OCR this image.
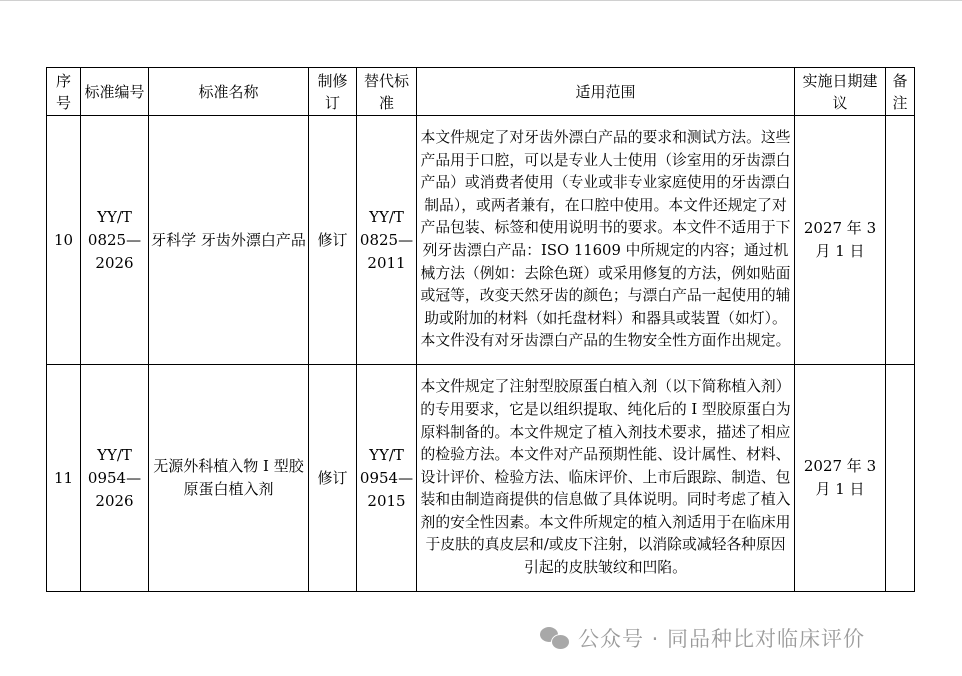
序号	标准编号	标准名称	制修订	替代标准	适用范围	实施日期建议	备注
10	YY/T 0825—2026	牙科学 牙齿外漂白产品	修订	YY/T 0825—2011	本文件规定了对牙齿外漂白产品的要求和测试方法。这些产品用于口腔，可以是专业人士使用（诊室用的牙齿漂白产品）或消费者使用（专业或非专业家庭使用的牙齿漂白制品），或两者兼有，在口腔中使用。本文件还规定了对产品包装、标签和使用说明书的要求。本文件不适用于下列牙齿漂白产品：ISO 11609 中所规定的内容；通过机械方法（例如：去除色斑）或采用修复的方法，例如贴面或冠等，改变天然牙齿的颜色；与漂白产品一起使用的辅助或附加的材料（如托盘材料）和器具或装置（如灯）。本文件没有对牙齿漂白产品的生物安全性方面作出规定。	2027 年 3 月 1 日	
11	YY/T 0954—2026	无源外科植入物 I 型胶原蛋白植入剂	修订	YY/T 0954—2015	本文件规定了注射型胶原蛋白植入剂（以下简称植入剂）的专用要求，它是以组织提取、纯化后的 I 型胶原蛋白为原料制备的。本文件规定了植入剂技术要求，描述了相应的检验方法。本文件对产品预期性能、设计属性、材料、设计评价、检验方法、临床评价、上市后跟踪、制造、包装和由制造商提供的信息做了具体说明。同时考虑了植入剂的安全性因素。本文件所规定的植入剂适用于在临床用于皮肤的真皮层和/或皮下注射，以消除或减轻各种原因引起的皮肤皱纹和凹陷。	2027 年 3 月 1 日	
公众号 · 同品种比对临床评价
